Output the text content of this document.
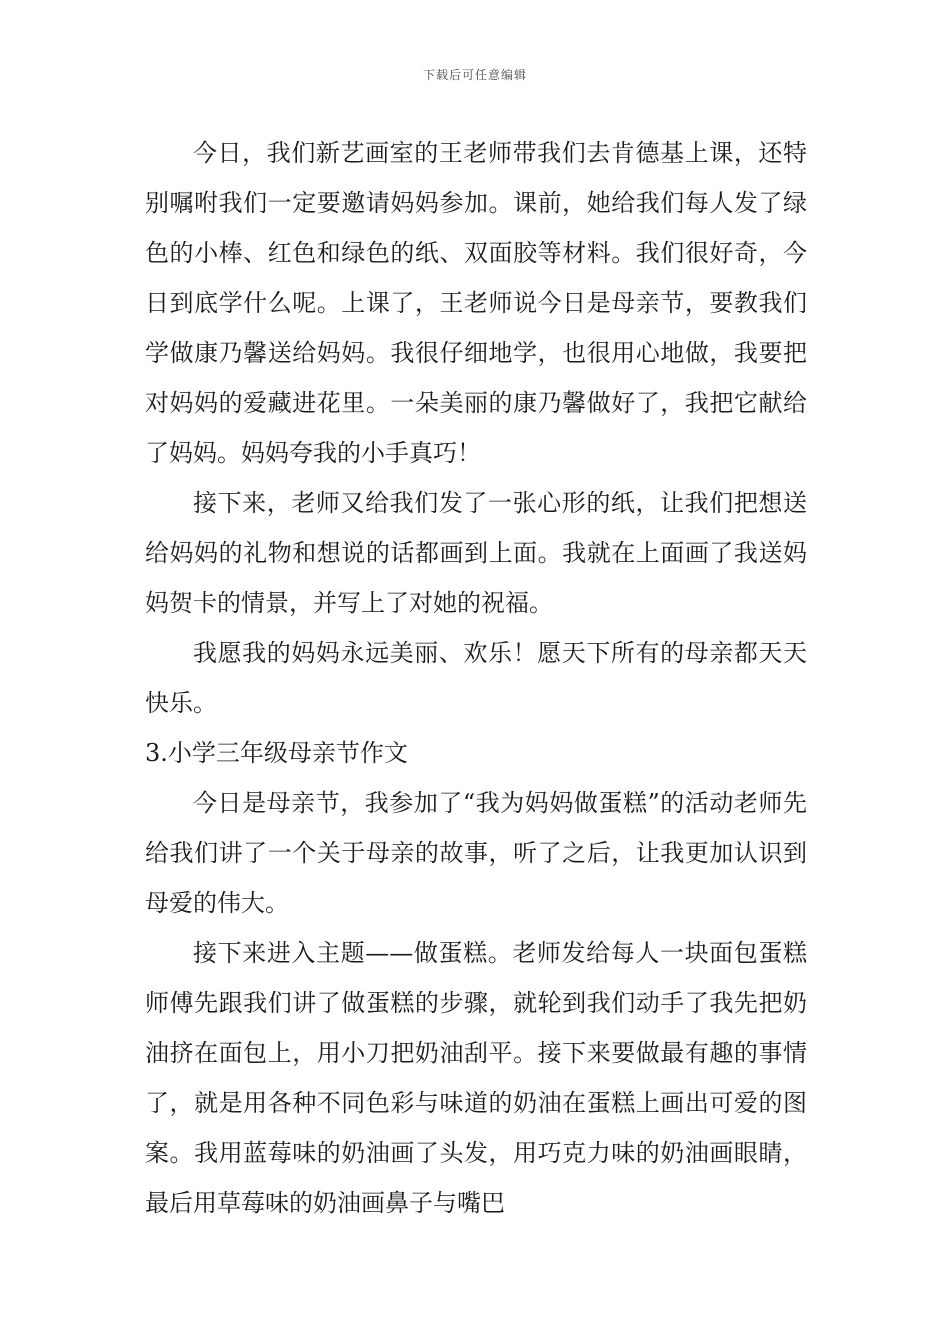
下载后可任意编辑

今日，我们新艺画室的王老师带我们去肯德基上课，还特别嘱咐我们一定要邀请妈妈参加。课前，她给我们每人发了绿色的小棒、红色和绿色的纸、双面胶等材料。我们很好奇，今日到底学什么呢。上课了，王老师说今日是母亲节，要教我们学做康乃馨送给妈妈。我很仔细地学，也很用心地做，我要把对妈妈的爱藏进花里。一朵美丽的康乃馨做好了，我把它献给了妈妈。妈妈夸我的小手真巧！

接下来，老师又给我们发了一张心形的纸，让我们把想送给妈妈的礼物和想说的话都画到上面。我就在上面画了我送妈妈贺卡的情景，并写上了对她的祝福。

我愿我的妈妈永远美丽、欢乐！愿天下所有的母亲都天天快乐。

3.小学三年级母亲节作文

今日是母亲节，我参加了“我为妈妈做蛋糕”的活动老师先给我们讲了一个关于母亲的故事，听了之后，让我更加认识到母爱的伟大。

接下来进入主题——做蛋糕。老师发给每人一块面包蛋糕师傅先跟我们讲了做蛋糕的步骤，就轮到我们动手了我先把奶油挤在面包上，用小刀把奶油刮平。接下来要做最有趣的事情了，就是用各种不同色彩与味道的奶油在蛋糕上画出可爱的图案。我用蓝莓味的奶油画了头发，用巧克力味的奶油画眼睛，最后用草莓味的奶油画鼻子与嘴巴
